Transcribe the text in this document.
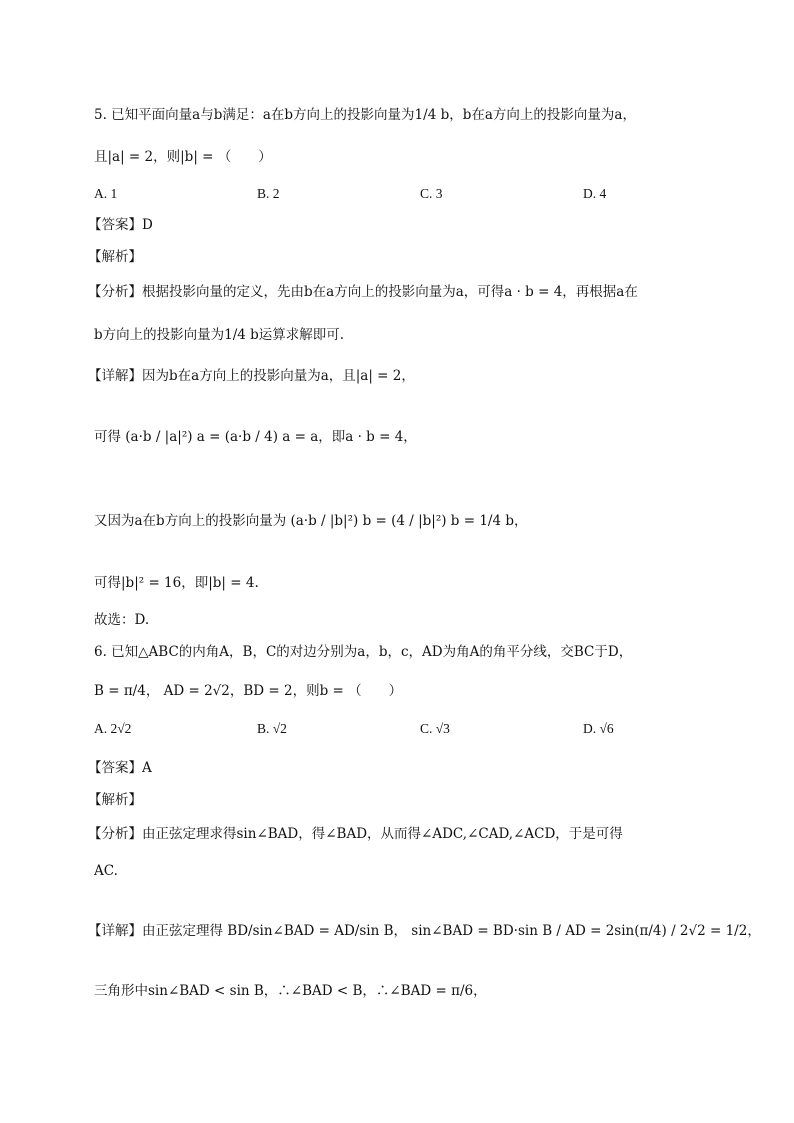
5. 已知平面向量a与b满足：a在b方向上的投影向量为1/4 b，b在a方向上的投影向量为a，
且|a| = 2，则|b| = （　　）
A. 1	B. 2	C. 3	D. 4
【答案】D
【解析】
【分析】根据投影向量的定义，先由b在a方向上的投影向量为a，可得a · b = 4，再根据a在
b方向上的投影向量为1/4 b运算求解即可.
【详解】因为b在a方向上的投影向量为a，且|a| = 2，
可得 (a·b / |a|²) a = (a·b / 4) a = a，即a · b = 4，
又因为a在b方向上的投影向量为 (a·b / |b|²) b = (4 / |b|²) b = 1/4 b，
可得|b|² = 16，即|b| = 4.
故选：D.
6. 已知△ABC的内角A，B，C的对边分别为a，b，c，AD为角A的角平分线，交BC于D，
B = π/4， AD = 2√2，BD = 2，则b = （　　）
A. 2√2	B. √2	C. √3	D. √6
【答案】A
【解析】
【分析】由正弦定理求得sin∠BAD，得∠BAD，从而得∠ADC,∠CAD,∠ACD，于是可得
AC.
【详解】由正弦定理得 BD/sin∠BAD = AD/sin B， sin∠BAD = BD·sin B / AD = 2sin(π/4) / 2√2 = 1/2，
三角形中sin∠BAD < sin B，∴∠BAD < B，∴∠BAD = π/6，
